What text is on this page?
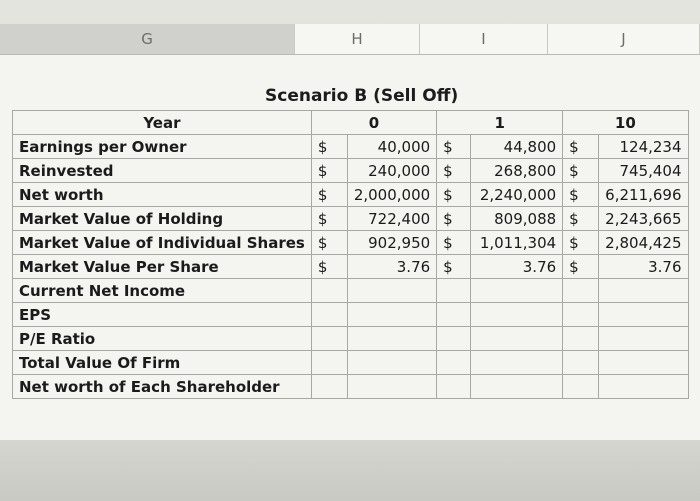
G	H	I	J
Scenario B (Sell Off)
Year	0		1		10	
Earnings per Owner	$	40,000	$	44,800	$	124,234
Reinvested	$	240,000	$	268,800	$	745,404
Net worth	$	2,000,000	$	2,240,000	$	6,211,696
Market Value of Holding	$	722,400	$	809,088	$	2,243,665
Market Value of Individual Shares	$	902,950	$	1,011,304	$	2,804,425
Market Value Per Share	$	3.76	$	3.76	$	3.76
Current Net Income						
EPS						
P/E Ratio						
Total Value Of Firm						
Net worth of Each Shareholder						
